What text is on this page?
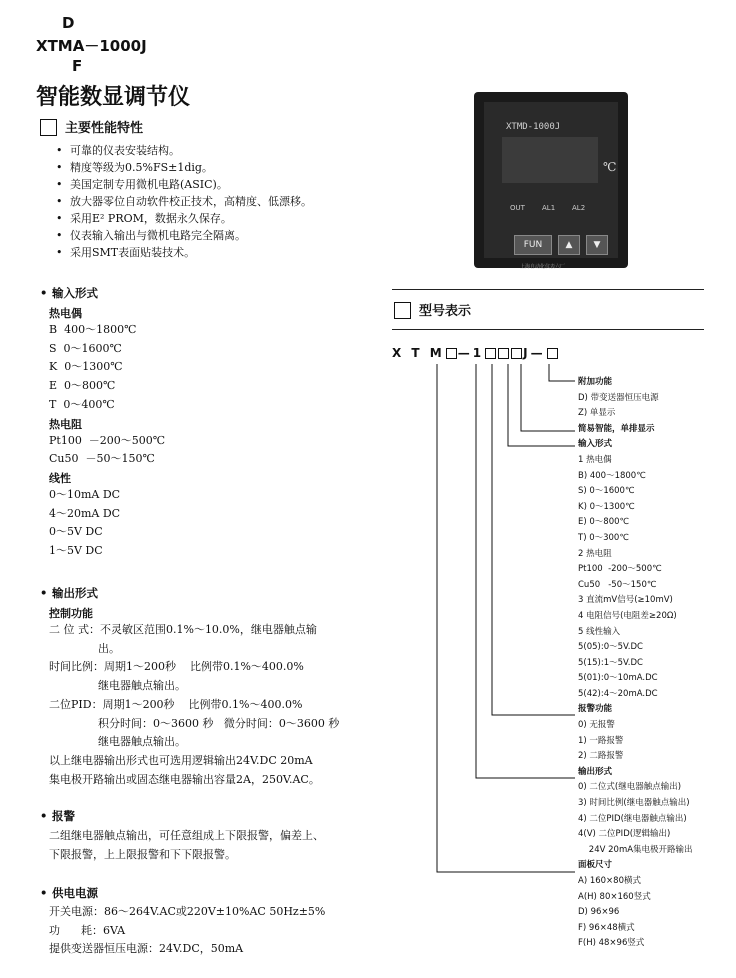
D
XTMA－1000J
F
智能数显调节仪
主要性能特性
• 可靠的仪表安装结构。
• 精度等级为0.5%FS±1dig。
• 美国定制专用微机电路(ASIC)。
• 放大器零位自动软件校正技术，高精度、低漂移。
• 采用E² PROM，数据永久保存。
• 仪表输入输出与微机电路完全隔离。
• 采用SMT表面贴装技术。
• 输入形式
热电偶
B  400～1800℃
S  0～1600℃
K  0～1300℃
E  0～800℃
T  0～400℃
热电阻
Pt100  －200～500℃
Cu50  －50～150℃
线性
0～10mA DC
4～20mA DC
0～5V DC
1～5V DC
• 输出形式
控制功能
二 位 式：不灵敏区范围0.1%～10.0%，继电器触点输
出。
时间比例：周期1～200秒    比例带0.1%～400.0%
继电器触点输出。
二位PID：周期1～200秒    比例带0.1%～400.0%
积分时间：0～3600 秒   微分时间：0～3600 秒
继电器触点输出。
以上继电器输出形式也可选用逻辑输出24V.DC 20mA
集电极开路输出或固态继电器输出容量2A，250V.AC。
• 报警
二组继电器触点输出，可任意组成上下限报警，偏差上、
下限报警，上上限报警和下下限报警。
• 供电电源
开关电源：86～264V.AC或220V±10%AC 50Hz±5%
功      耗：6VA
提供变送器恒压电源：24V.DC，50mA
XTMD-1000J
℃
OUT AL1 AL2
FUN	▲	▼
上海自动化仪表六厂
型号表示
X T M —1	J—
附加功能
D) 带变送器恒压电源
Z) 单显示
简易智能，单排显示
输入形式
1 热电偶
B) 400～1800℃
S) 0～1600℃
K) 0～1300℃
E) 0～800℃
T) 0～300℃
2 热电阻
Pt100  -200～500℃
Cu50   -50～150℃
3 直流mV信号(≥10mV)
4 电阻信号(电阻差≥20Ω)
5 线性输入
5(05):0～5V.DC
5(15):1～5V.DC
5(01):0～10mA.DC
5(42):4～20mA.DC
报警功能
0) 无报警
1) 一路报警
2) 二路报警
输出形式
0) 二位式(继电器触点输出)
3) 时间比例(继电器触点输出)
4) 二位PID(继电器触点输出)
4(V) 二位PID(逻辑输出)
24V 20mA集电极开路输出
面板尺寸
A) 160×80横式
A(H) 80×160竖式
D) 96×96
F) 96×48横式
F(H) 48×96竖式
